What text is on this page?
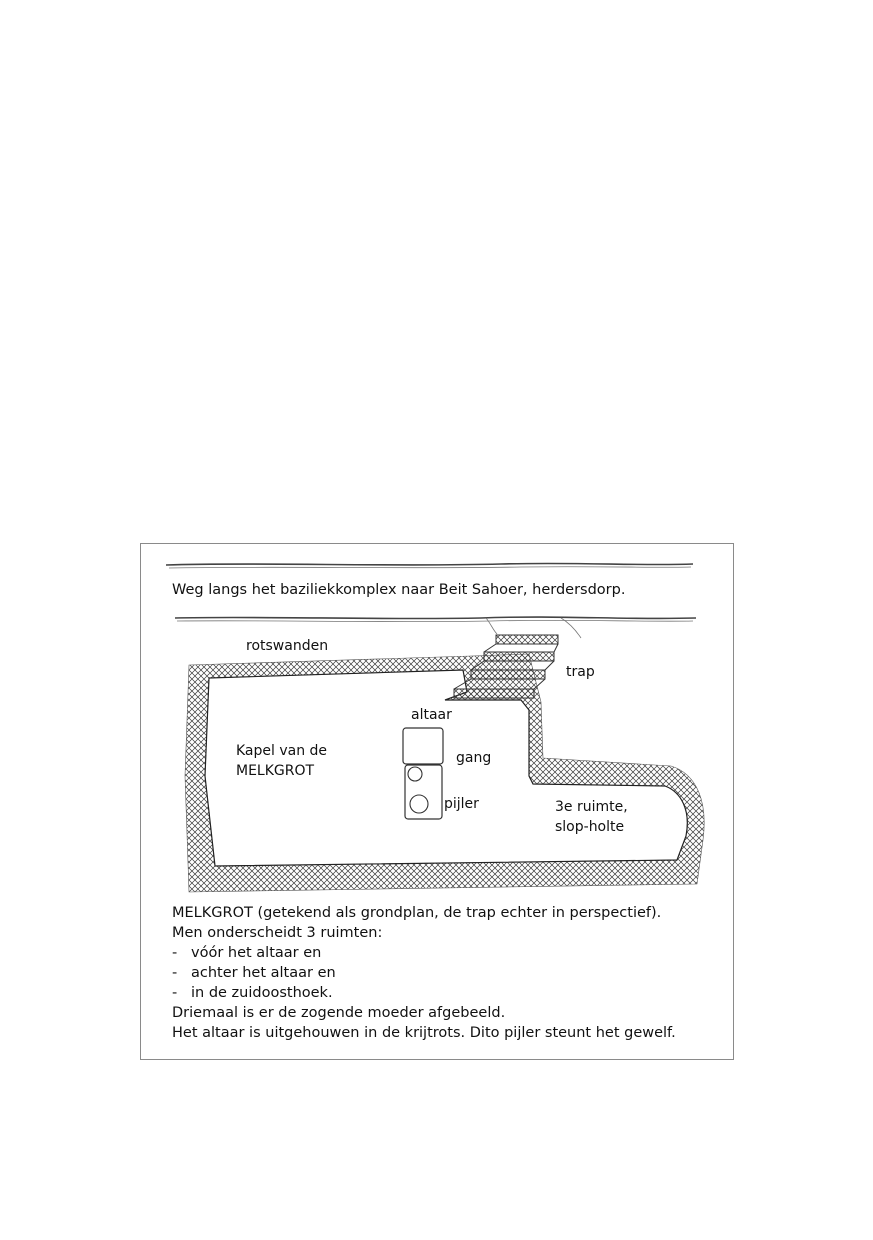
Weg langs het baziliekkomplex naar Beit Sahoer, herdersdorp.
rotswanden
trap
altaar
Kapel van de
MELKGROT
gang
pijler	3e ruimte,
slop-holte

MELKGROT (getekend als grondplan, de trap echter in perspectief).

Men onderscheidt 3 ruimten:

- vóór het altaar en
- achter het altaar en
- in de zuidoosthoek.

Driemaal is er de zogende moeder afgebeeld.

Het altaar is uitgehouwen in de krijtrots. Dito pijler steunt het gewelf.
